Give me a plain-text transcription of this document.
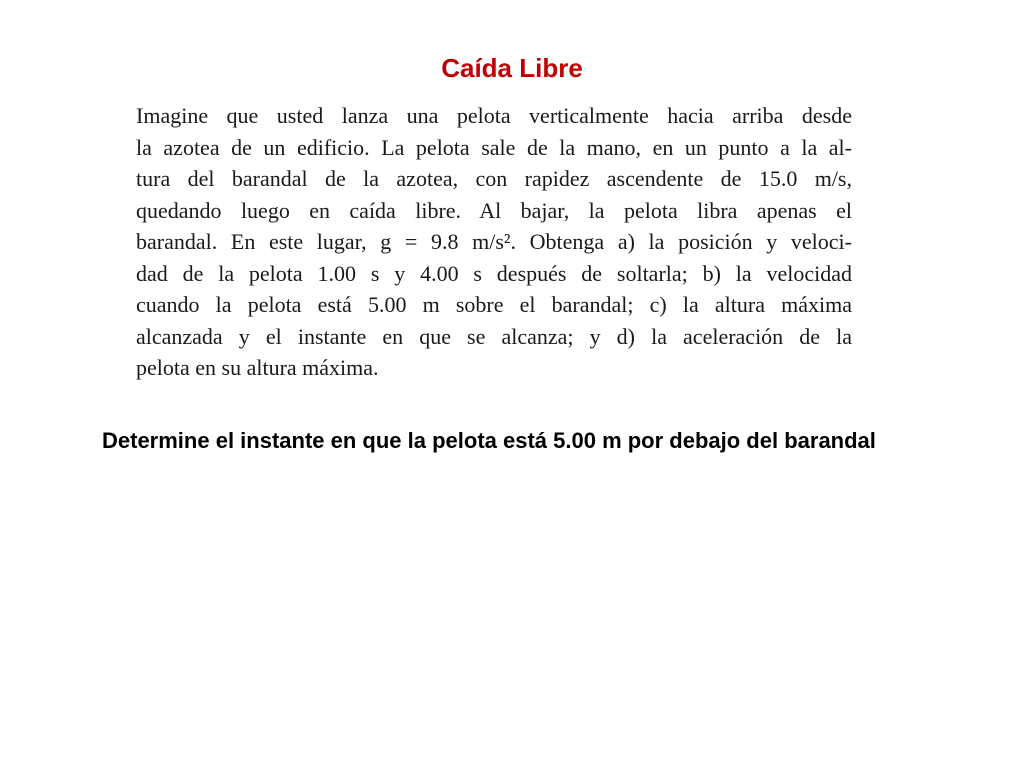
Caída Libre
Imagine que usted lanza una pelota verticalmente hacia arriba desde
la azotea de un edificio. La pelota sale de la mano, en un punto a la al-
tura del barandal de la azotea, con rapidez ascendente de 15.0 m/s,
quedando luego en caída libre. Al bajar, la pelota libra apenas el
barandal. En este lugar, g = 9.8 m/s². Obtenga a) la posición y veloci-
dad de la pelota 1.00 s y 4.00 s después de soltarla; b) la velocidad
cuando la pelota está 5.00 m sobre el barandal; c) la altura máxima
alcanzada y el instante en que se alcanza; y d) la aceleración de la
pelota en su altura máxima.

Determine el instante en que la pelota está 5.00 m por debajo del barandal
